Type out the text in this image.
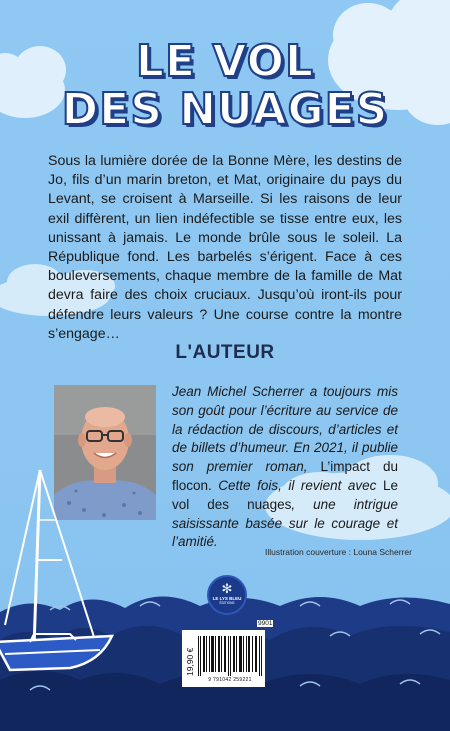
LE VOL
DES NUAGES
Sous la lumière dorée de la Bonne Mère, les destins de Jo, fils d’un marin breton, et Mat, originaire du pays du Levant, se croisent à Marseille. Si les raisons de leur exil diffèrent, un lien indéfectible se tisse entre eux, les unissant à jamais. Le monde brûle sous le soleil. La République fond. Les barbelés s’érigent. Face à ces bouleversements, chaque membre de la famille de Mat devra faire des choix cruciaux. Jusqu’où iront-ils pour défendre leurs valeurs ? Une course contre la montre s’engage…
L'AUTEUR
Jean Michel Scherrer a toujours mis son goût pour l’écriture au service de la rédaction de discours, d’articles et de billets d’humeur. En 2021, il publie son premier roman, L’impact du flocon. Cette fois, il revient avec Le vol des nuages, une intrigue saisissante basée sur le courage et l’amitié.
Illustration couverture : Louna Scherrer
✻
LE LYS BLEU
ÉDITIONS
9901
19,90 €
9 791042 259221
